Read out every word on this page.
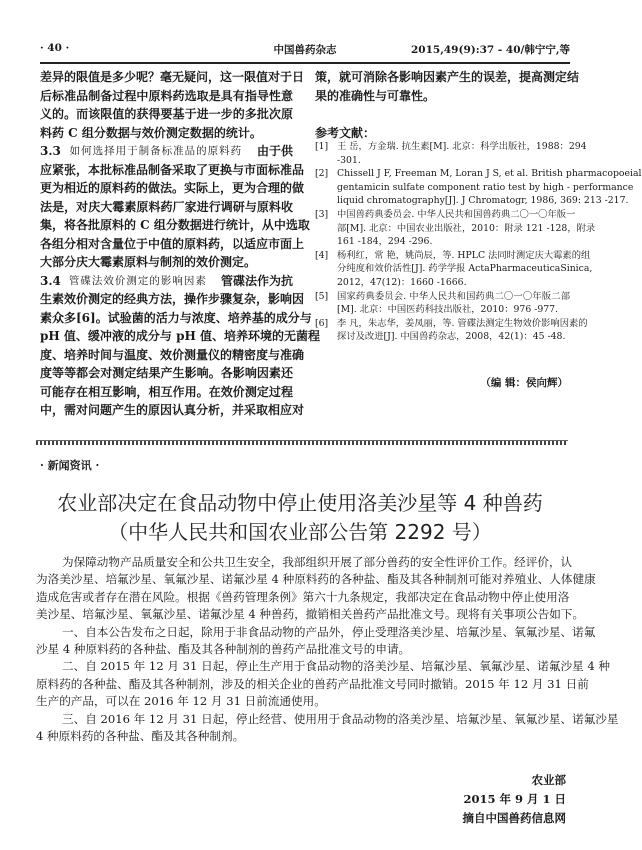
· 40 ·	中国兽药杂志	2015,49(9):37 - 40/韩宁宁,等
差异的限值是多少呢？毫无疑问，这一限值对于日
后标准品制备过程中原料药选取是具有指导性意
义的。而该限值的获得要基于进一步的多批次原
料药 C 组分数据与效价测定数据的统计。
3.3
  如何选择用于制备标准品的原料药
  由于供
应紧张，本批标准品制备采取了更换与市面标准品
更为相近的原料药的做法。实际上，更为合理的做
法是，对庆大霉素原料药厂家进行调研与原料收
集，将各批原料的 C 组分数据进行统计，从中选取
各组分相对含量位于中值的原料药，以适应市面上
大部分庆大霉素原料与制剂的效价测定。
3.4
  管碟法效价测定的影响因素
  管碟法作为抗
生素效价测定的经典方法，操作步骤复杂，影响因
素众多[6]。试验菌的活力与浓度、培养基的成分与
pH 值、缓冲液的成分与 pH 值、培养环境的无菌程
度、培养时间与温度、效价测量仪的精密度与准确
度等等都会对测定结果产生影响。各影响因素还
可能存在相互影响，相互作用。在效价测定过程
中，需对问题产生的原因认真分析，并采取相应对
策，就可消除各影响因素产生的误差，提高测定结
果的准确性与可靠性。
参考文献：
[1] 王 岳，方金瑞. 抗生素[M]. 北京：科学出版社，1988：294
-301.
[2] Chissell J F, Freeman M, Loran J S, et al. British pharmacopoeial
gentamicin sulfate component ratio test by high - performance
liquid chromatography[J]. J Chromatogr, 1986, 369: 213 -217.
[3] 中国兽药典委员会. 中华人民共和国兽药典二〇一〇年版一
部[M]. 北京：中国农业出版社，2010：附录 121 -128，附录
161 -184，294 -296.
[4] 杨利红，常 艳，姚尚辰，等. HPLC 法同时测定庆大霉素的组
分纯度和效价活性[J]. 药学学报 ActaPharmaceuticaSinica,
2012，47(12)：1660 -1666.
[5] 国家药典委员会. 中华人民共和国药典二〇一〇年版二部
[M]. 北京：中国医药科技出版社，2010：976 -977.
[6] 李 凡，朱志华，姜凤丽，等. 管碟法测定生物效价影响因素的
探讨及改进[J]. 中国兽药杂志，2008，42(1)：45 -48.
（编 辑：侯向辉）
· 新闻资讯 ·
农业部决定在食品动物中停止使用洛美沙星等 4 种兽药
（中华人民共和国农业部公告第 2292 号）
为保障动物产品质量安全和公共卫生安全，我部组织开展了部分兽药的安全性评价工作。经评价，认
为洛美沙星、培氟沙星、氧氟沙星、诺氟沙星 4 种原料药的各种盐、酯及其各种制剂可能对养殖业、人体健康
造成危害或者存在潜在风险。根据《兽药管理条例》第六十九条规定，我部决定在食品动物中停止使用洛
美沙星、培氟沙星、氧氟沙星、诺氟沙星 4 种兽药，撤销相关兽药产品批准文号。现将有关事项公告如下。
一、自本公告发布之日起，除用于非食品动物的产品外，停止受理洛美沙星、培氟沙星、氧氟沙星、诺氟
沙星 4 种原料药的各种盐、酯及其各种制剂的兽药产品批准文号的申请。
二、自 2015 年 12 月 31 日起，停止生产用于食品动物的洛美沙星、培氟沙星、氧氟沙星、诺氟沙星 4 种
原料药的各种盐、酯及其各种制剂，涉及的相关企业的兽药产品批准文号同时撤销。2015 年 12 月 31 日前
生产的产品，可以在 2016 年 12 月 31 日前流通使用。
三、自 2016 年 12 月 31 日起，停止经营、使用用于食品动物的洛美沙星、培氟沙星、氧氟沙星、诺氟沙星
4 种原料药的各种盐、酯及其各种制剂。
农业部
2015 年 9 月 1 日
摘自中国兽药信息网
